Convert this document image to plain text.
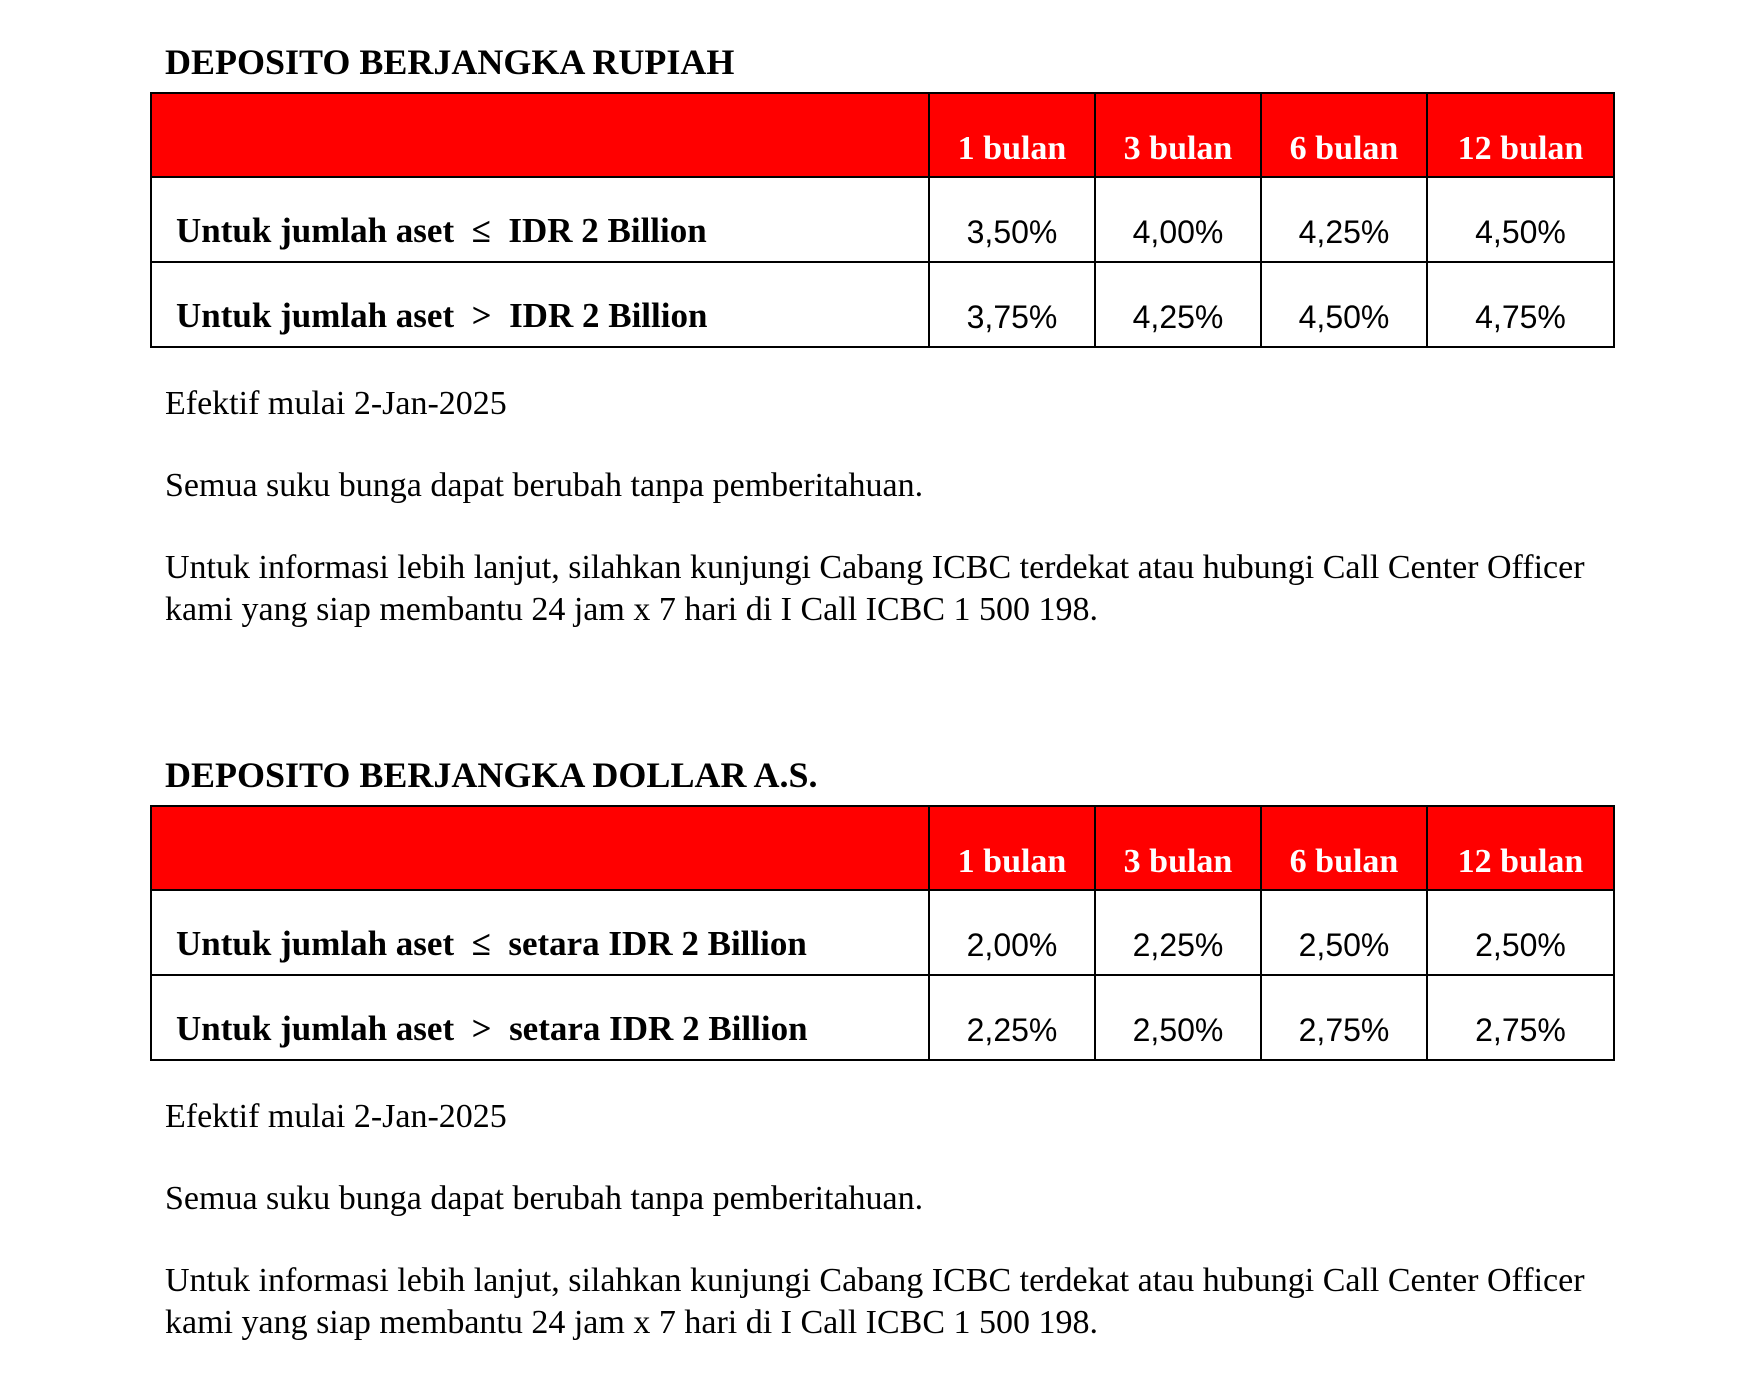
DEPOSITO BERJANGKA RUPIAH
	1 bulan	3 bulan	6 bulan	12 bulan
Untuk jumlah aset ≤ IDR 2 Billion	3,50%	4,00%	4,25%	4,50%
Untuk jumlah aset > IDR 2 Billion	3,75%	4,25%	4,50%	4,75%

Efektif mulai 2-Jan-2025

Semua suku bunga dapat berubah tanpa pemberitahuan.

Untuk informasi lebih lanjut, silahkan kunjungi Cabang ICBC terdekat atau hubungi Call Center Officer kami yang siap membantu 24 jam x 7 hari di I Call ICBC 1 500 198.

DEPOSITO BERJANGKA DOLLAR A.S.
	1 bulan	3 bulan	6 bulan	12 bulan
Untuk jumlah aset ≤ setara IDR 2 Billion	2,00%	2,25%	2,50%	2,50%
Untuk jumlah aset > setara IDR 2 Billion	2,25%	2,50%	2,75%	2,75%

Efektif mulai 2-Jan-2025

Semua suku bunga dapat berubah tanpa pemberitahuan.

Untuk informasi lebih lanjut, silahkan kunjungi Cabang ICBC terdekat atau hubungi Call Center Officer kami yang siap membantu 24 jam x 7 hari di I Call ICBC 1 500 198.
